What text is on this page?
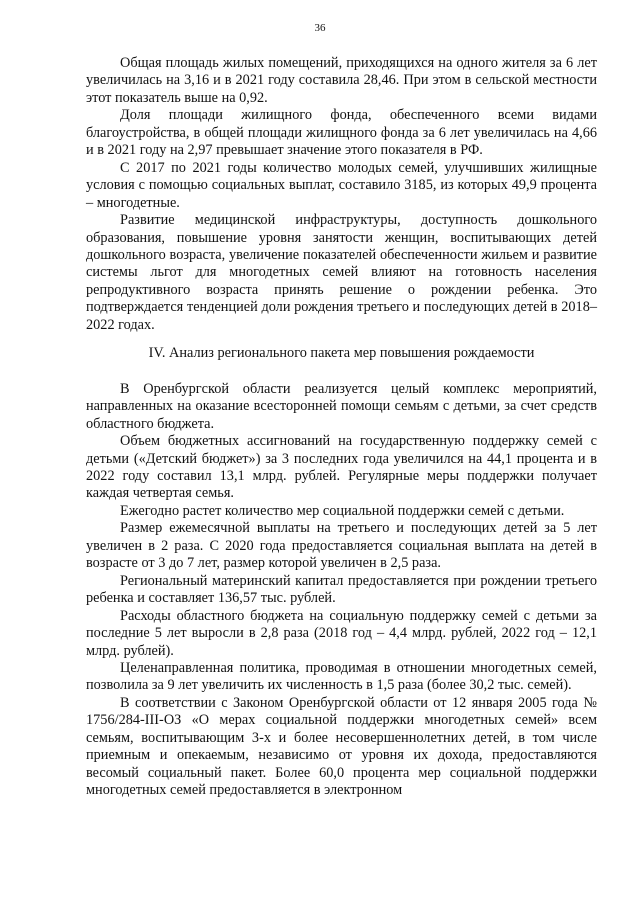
36

Общая площадь жилых помещений, приходящихся на одного жителя за 6 лет увеличилась на 3,16 и в 2021 году составила 28,46. При этом в сельской местности этот показатель выше на 0,92.

Доля площади жилищного фонда, обеспеченного всеми видами благоустройства, в общей площади жилищного фонда за 6 лет увеличилась на 4,66 и в 2021 году на 2,97 превышает значение этого показателя в РФ.

С 2017 по 2021 годы количество молодых семей, улучшивших жилищные условия с помощью социальных выплат, составило 3185, из которых 49,9 процента – многодетные.

Развитие медицинской инфраструктуры, доступность дошкольного образования, повышение уровня занятости женщин, воспитывающих детей дошкольного возраста, увеличение показателей обеспеченности жильем и развитие системы льгот для многодетных семей влияют на готовность населения репродуктивного возраста принять решение о рождении ребенка. Это подтверждается тенденцией доли рождения третьего и последующих детей в 2018– 2022 годах.

IV. Анализ регионального пакета мер повышения рождаемости

В Оренбургской области реализуется целый комплекс мероприятий, направленных на оказание всесторонней помощи семьям с детьми, за счет средств областного бюджета.

Объем бюджетных ассигнований на государственную поддержку семей с детьми («Детский бюджет») за 3 последних года увеличился на 44,1 процента и в 2022 году составил 13,1 млрд. рублей. Регулярные меры поддержки получает каждая четвертая семья.

Ежегодно растет количество мер социальной поддержки семей с детьми.

Размер ежемесячной выплаты на третьего и последующих детей за 5 лет увеличен в 2 раза. С 2020 года предоставляется социальная выплата на детей в возрасте от 3 до 7 лет, размер которой увеличен в 2,5 раза.

Региональный материнский капитал предоставляется при рождении третьего ребенка и составляет 136,57 тыс. рублей.

Расходы областного бюджета на социальную поддержку семей с детьми за последние 5 лет выросли в 2,8 раза (2018 год – 4,4 млрд. рублей, 2022 год – 12,1 млрд. рублей).

Целенаправленная политика, проводимая в отношении многодетных семей, позволила за 9 лет увеличить их численность в 1,5 раза (более 30,2 тыс. семей).

В соответствии с Законом Оренбургской области от 12 января 2005 года № 1756/284-III-ОЗ «О мерах социальной поддержки многодетных семей» всем семьям, воспитывающим 3-х и более несовершеннолетних детей, в том числе приемным и опекаемым, независимо от уровня их дохода, предоставляются весомый социальный пакет. Более 60,0 процента мер социальной поддержки многодетных семей предоставляется в электронном
